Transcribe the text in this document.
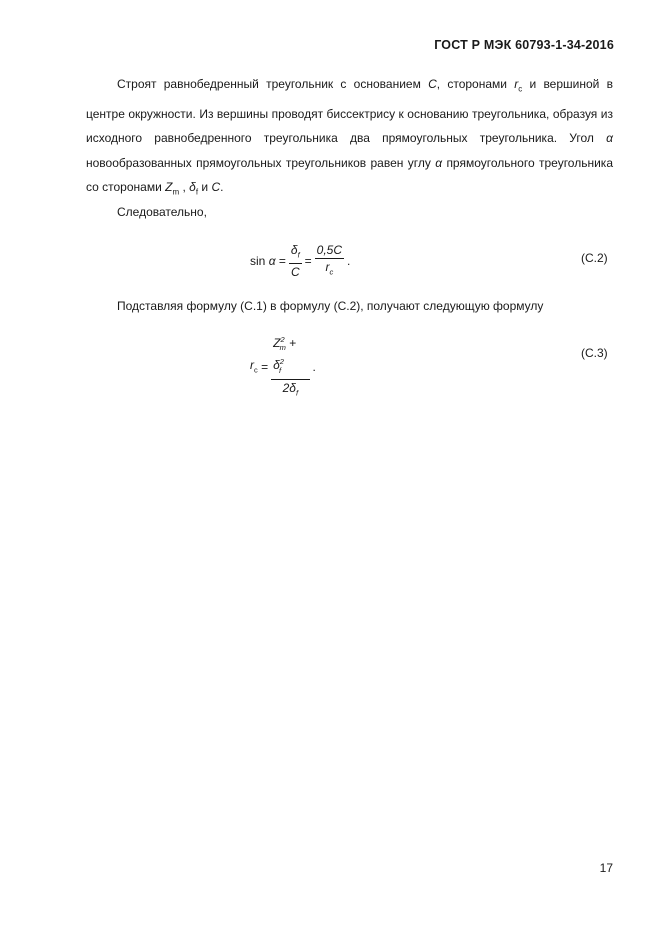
ГОСТ Р МЭК 60793-1-34-2016

Строят равнобедренный треугольник с основанием C, сторонами $r_c$ и вершиной в центре окружности. Из вершины проводят биссектрису к основанию треугольника, образуя из исходного равнобедренного треугольника два прямоугольных треугольника. Угол α новообразованных прямоугольных треугольников равен углу α прямоугольного треугольника со сторонами $Z_m$ , $\delta_f$ и C.

Следовательно,

sin
α
= $\frac{\delta_f}{C} = \frac{0,5C}{r_c}$ .	(C.2)

Подставляя формулу (С.1) в формулу (С.2), получают следующую формулу

$r_c$
= $\frac{Z^2_m + \delta^2_f}{2\delta_f}$ .
(C.3)
17
